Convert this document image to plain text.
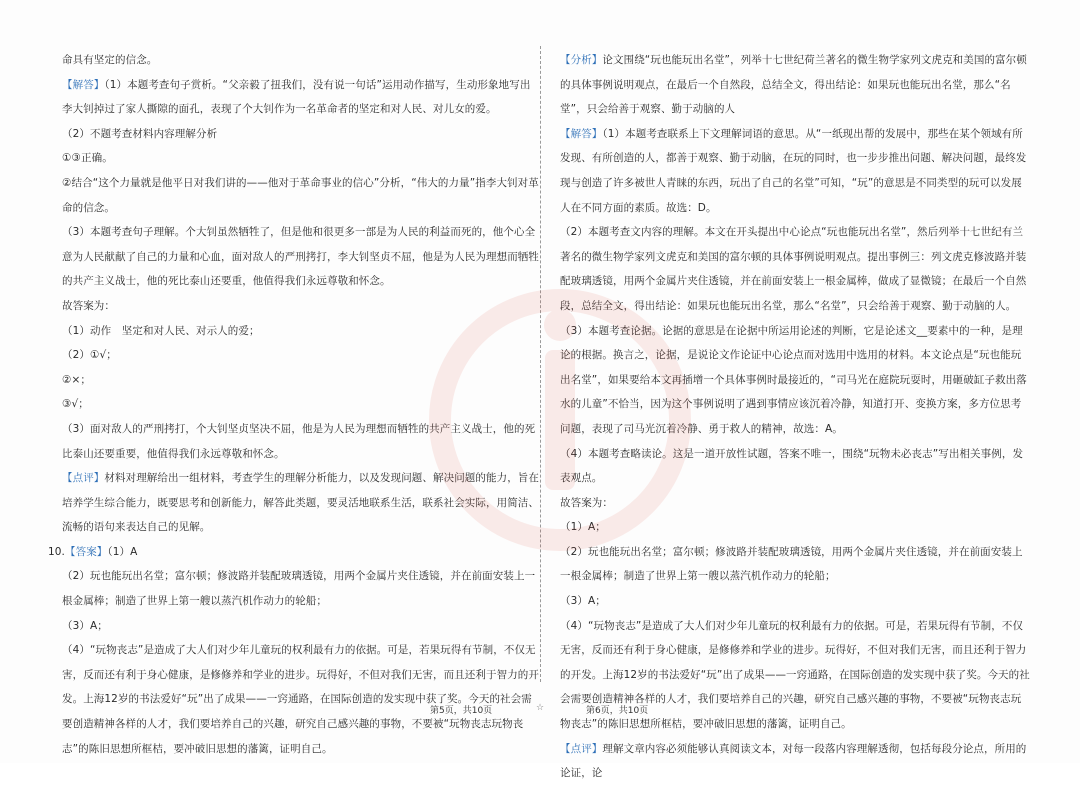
命具有坚定的信念。

【解答】（1）本题考查句子赏析。“父亲毅了扭我们，没有说一句话”运用动作描写，生动形象地写出李大钊掉过了家人撕隙的面孔，表现了个大钊作为一名革命者的坚定和对人民、对儿女的爱。

（2）不题考查材料内容理解分析

①③正确。

②结合“这个力量就是他平日对我们讲的——他对于革命事业的信心”分析，“伟大的力量”指李大钊对革命的信念。

（3）本题考查句子理解。个大钊虽然牺牲了，但是他和很更多一部是为人民的利益而死的，他个心全意为人民献献了自己的力量和心血，面对敌人的严刑拷打，李大钊坚贞不屈，他是为人民为理想而牺牲的共产主义战士，他的死比泰山还要重，他值得我们永远尊敬和怀念。

故答案为：

（1）动作　坚定和对人民、对示人的爱；

（2）①√；

②×；

③√；

（3）面对敌人的严刑拷打，个大钊坚贞坚决不屈，他是为人民为理想而牺牲的共产主义战士，他的死比泰山还要重要，他值得我们永远尊敬和怀念。

【点评】材料对理解给出一组材料，考查学生的理解分析能力，以及发现问题、解决问题的能力，旨在培养学生综合能力，既要思考和创新能力，解答此类题，要灵活地联系生活，联系社会实际，用简洁、流畅的语句来表达自己的见解。

10.【答案】（1）A

（2）玩也能玩出名堂；富尔顿；修波路并装配玻璃透镜，用两个金属片夹住透镜，并在前面安装上一根金属棒；制造了世界上第一艘以蒸汽机作动力的轮船；

（3）A；

（4）“玩物丧志”是造成了大人们对少年儿童玩的权利最有力的依据。可是，若果玩得有节制，不仅无害，反而还有利于身心健康，是修修养和学业的进步。玩得好，不但对我们无害，而且还利于智力的开发。上海12岁的书法爱好“玩”出了成果——一窍通路，在国际创造的发实现中获了奖。今天的社会需要创造精神各样的人才，我们要培养自己的兴趣，研究自己感兴趣的事物，不要被“玩物丧志玩物丧志”的陈旧思想所框桔，要冲破旧思想的藩篱，证明自己。

【分析】论文围绕“玩也能玩出名堂”，列举十七世纪荷兰著名的微生物学家列文虎克和美国的富尔顿的具体事例说明观点，在最后一个自然段，总结全文，得出结论：如果玩也能玩出名堂，那么“名堂”，只会给善于观察、勤于动脑的人

【解答】（1）本题考查联系上下文理解词语的意思。从“一纸现出帮的发展中，那些在某个领域有所发现、有所创造的人，都善于观察、勤于动脑，在玩的同时，也一步步推出问题、解决问题，最终发现与创造了许多被世人青睐的东西，玩出了自己的名堂”可知，“玩”的意思是不同类型的玩可以发展人在不同方面的素质。故选：D。

（2）本题考查文内容的理解。本文在开头提出中心论点“玩也能玩出名堂”，然后列举十七世纪有兰著名的微生物学家列文虎克和美国的富尔顿的具体事例说明观点。提出事例三：列文虎克修波路并装配玻璃透镜，用两个金属片夹住透镜，并在前面安装上一根金属棒，做成了显微镜；在最后一个自然段，总结全文，得出结论：如果玩也能玩出名堂，那么“名堂”，只会给善于观察、勤于动脑的人。

（3）本题考查论据。论据的意思是在论据中所运用论述的判断，它是论述文__要素中的一种，是理论的根据。换言之，论据，是说论文作论证中心论点而对选用中选用的材料。本文论点是“玩也能玩出名堂”，如果要给本文再插增一个具体事例时最接近的，“司马光在庭院玩耍时，用砸破缸子救出落水的儿童”不恰当，因为这个事例说明了遇到事情应该沉着冷静，知道打开、变换方案，多方位思考问题，表现了司马光沉着冷静、勇于救人的精神，故选：A。

（4）本题考查略读论。这是一道开放性试题，答案不唯一，围绕“玩物未必丧志”写出相关事例，发表观点。

故答案为：

（1）A；

（2）玩也能玩出名堂；富尔顿；修波路并装配玻璃透镜，用两个金属片夹住透镜，并在前面安装上一根金属棒；制造了世界上第一艘以蒸汽机作动力的轮船；

（3）A；

（4）“玩物丧志”是造成了大人们对少年儿童玩的权利最有力的依据。可是，若果玩得有节制，不仅无害，反而还有利于身心健康，是修修养和学业的进步。玩得好，不但对我们无害，而且还利于智力的开发。上海12岁的书法爱好“玩”出了成果——一窍通路，在国际创造的发实现中获了奖。今天的社会需要创造精神各样的人才，我们要培养自己的兴趣，研究自己感兴趣的事物，不要被“玩物丧志玩物丧志”的陈旧思想所框桔，要冲破旧思想的藩篱，证明自己。

【点评】理解文章内容必须能够认真阅读文本，对每一段落内容理解透彻，包括每段分论点，所用的论证，论

第5页，共10页	☆	第6页，共10页
